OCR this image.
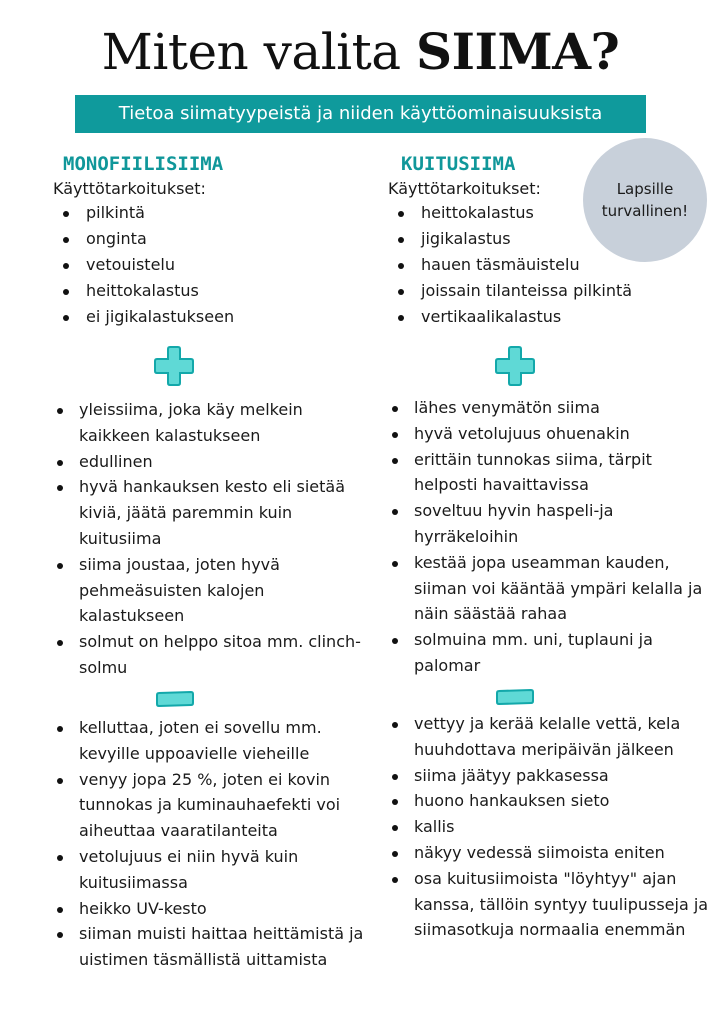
Miten valita SIIMA?
Tietoa siimatyypeistä ja niiden käyttöominaisuuksista
Lapsille turvallinen!
MONOFIILISIIMA
Käyttötarkoitukset:
pilkintä
onginta
vetouistelu
heittokalastus
ei jigikalastukseen
yleissiima, joka käy melkein kaikkeen kalastukseen
edullinen
hyvä hankauksen kesto eli sietää kiviä, jäätä paremmin kuin kuitusiima
siima joustaa, joten hyvä pehmeäsuisten kalojen kalastukseen
solmut on helppo sitoa mm. clinch-solmu
kelluttaa, joten ei sovellu mm. kevyille uppoavielle vieheille
venyy jopa 25 %, joten ei kovin tunnokas ja kuminauhaefekti voi aiheuttaa vaaratilanteita
vetolujuus ei niin hyvä kuin kuitusiimassa
heikko UV-kesto
siiman muisti haittaa heittämistä ja uistimen täsmällistä uittamista
KUITUSIIMA
Käyttötarkoitukset:
heittokalastus
jigikalastus
hauen täsmäuistelu
joissain tilanteissa pilkintä
vertikaalikalastus
lähes venymätön siima
hyvä vetolujuus ohuenakin
erittäin tunnokas siima, tärpit helposti havaittavissa
soveltuu hyvin haspeli-ja hyrräkeloihin
kestää jopa useamman kauden, siiman voi kääntää ympäri kelalla ja näin säästää rahaa
solmuina mm. uni, tuplauni ja palomar
vettyy ja kerää kelalle vettä, kela huuhdottava meripäivän jälkeen
siima jäätyy pakkasessa
huono hankauksen sieto
kallis
näkyy vedessä siimoista eniten
osa kuitusiimoista "löyhtyy" ajan kanssa, tällöin syntyy tuulipusseja ja siimasotkuja normaalia enemmän
